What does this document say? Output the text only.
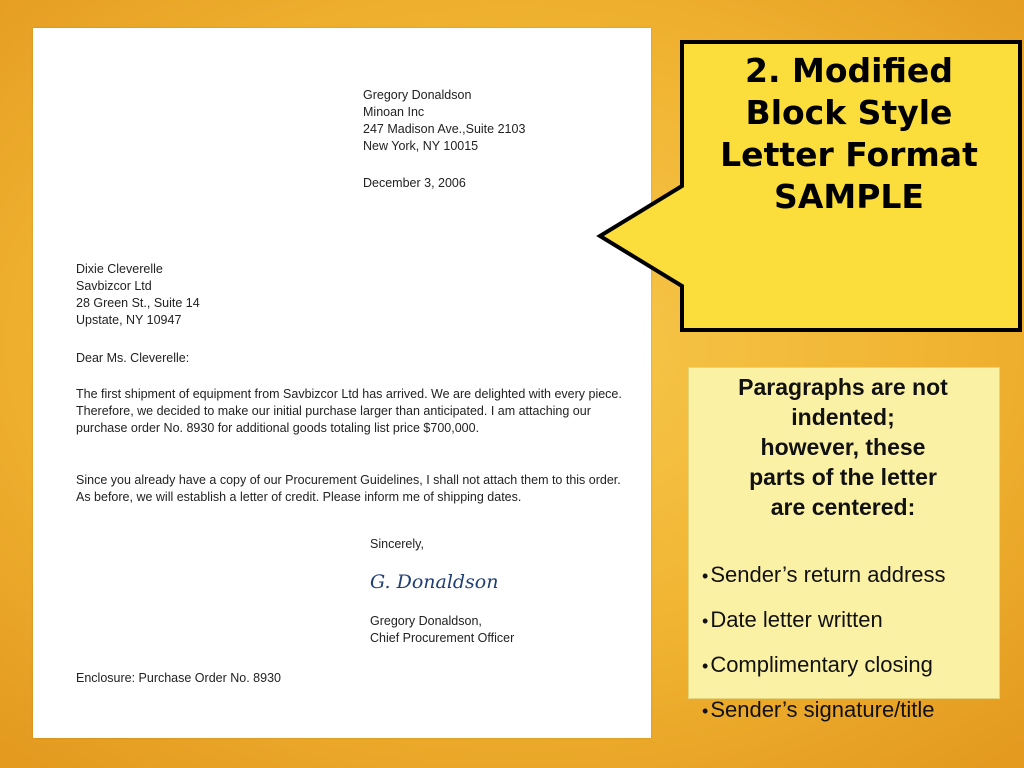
Gregory Donaldson
Minoan Inc
247 Madison Ave.,Suite 2103
New York, NY 10015
December 3, 2006
Dixie Cleverelle
Savbizcor Ltd
28 Green St., Suite 14
Upstate, NY 10947
Dear Ms. Cleverelle:
The first shipment of equipment from Savbizcor Ltd has arrived. We are delighted with every piece. Therefore, we decided to make our initial purchase larger than anticipated. I am attaching our purchase order No. 8930 for additional goods totaling list price $700,000.
Since you already have a copy of our Procurement Guidelines, I shall not attach them to this order. As before, we will establish a letter of credit. Please inform me of shipping dates.
Sincerely,
G. Donaldson
Gregory Donaldson,
Chief Procurement Officer
Enclosure: Purchase Order No. 8930
2. Modified
Block Style
Letter Format
SAMPLE
Paragraphs are not
indented;
however, these
parts of the letter
are centered:
•Sender’s return address
•Date letter written
•Complimentary closing
•Sender’s signature/title
